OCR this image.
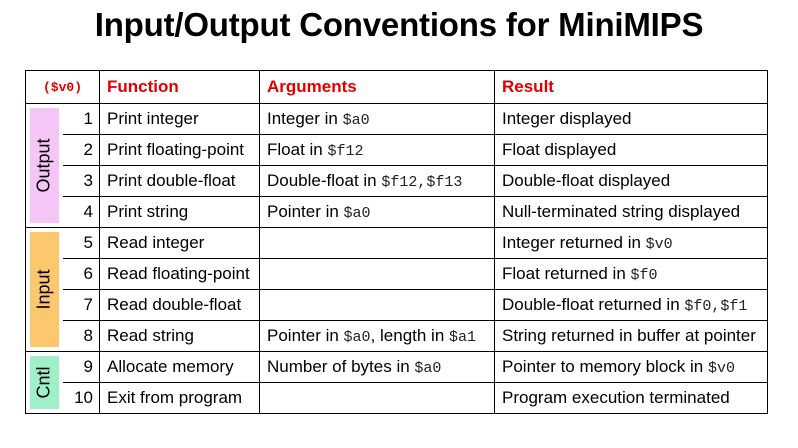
Input/Output Conventions for MiniMIPS
($v0)		Function	Arguments	Result

Output	1	Print integer	Integer in $a0	Integer displayed
	2	Print floating-point	Float in $f12	Float displayed
	3	Print double-float	Double-float in $f12,$f13	Double-float displayed
	4	Print string	Pointer in $a0	Null-terminated string displayed

Input	5	Read integer		Integer returned in $v0
	6	Read floating-point		Float returned in $f0
	7	Read double-float		Double-float returned in $f0,$f1
	8	Read string	Pointer in $a0, length in $a1	String returned in buffer at pointer

Cntl	9	Allocate memory	Number of bytes in $a0	Pointer to memory block in $v0
	10	Exit from program		Program execution terminated
